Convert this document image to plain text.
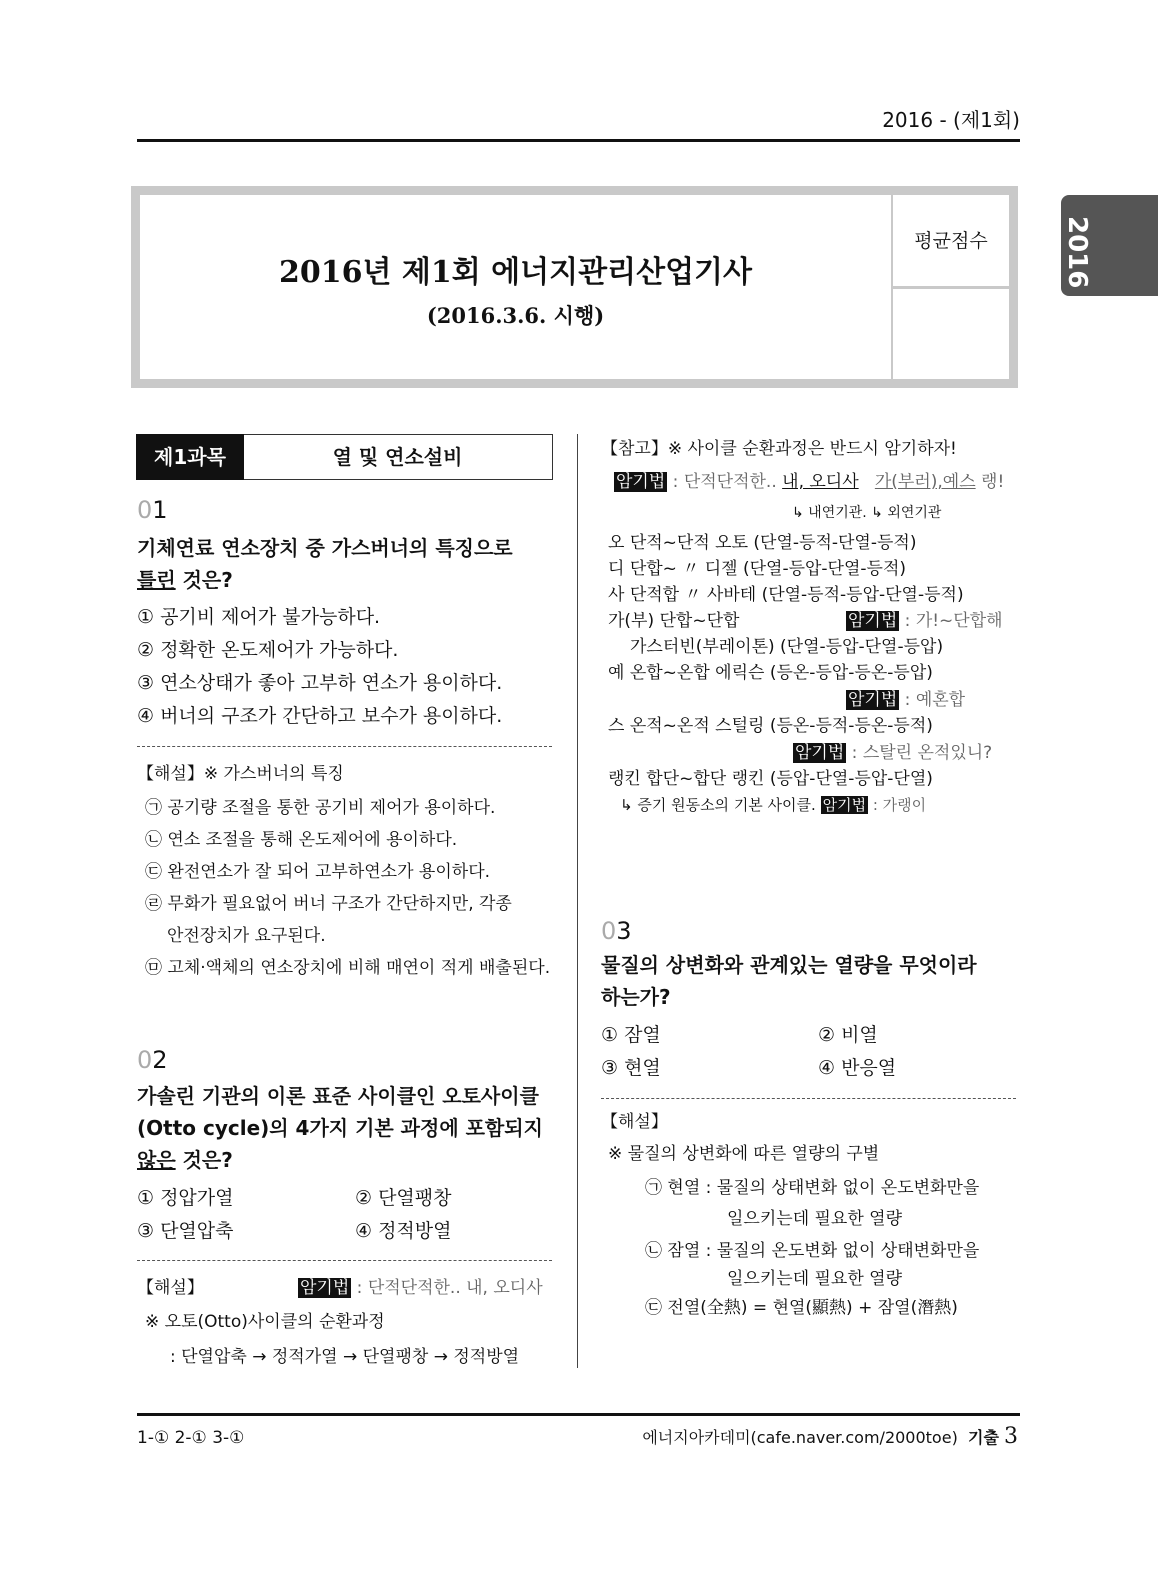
2016 - (제1회)
2016년 제1회 에너지관리산업기사
(2016.3.6. 시행)
평균점수	2016
제1과목	열 및 연소설비
01
기체연료 연소장치 중 가스버너의 특징으로
틀린 것은?
① 공기비 제어가 불가능하다.
② 정확한 온도제어가 가능하다.
③ 연소상태가 좋아 고부하 연소가 용이하다.
④ 버너의 구조가 간단하고 보수가 용이하다.
【해설】※ 가스버너의 특징
㉠ 공기량 조절을 통한 공기비 제어가 용이하다.
㉡ 연소 조절을 통해 온도제어에 용이하다.
㉢ 완전연소가 잘 되어 고부하연소가 용이하다.
㉣ 무화가 필요없어 버너 구조가 간단하지만, 각종
안전장치가 요구된다.
㉤ 고체·액체의 연소장치에 비해 매연이 적게 배출된다.
02
가솔린 기관의 이론 표준 사이클인 오토사이클
(Otto cycle)의 4가지 기본 과정에 포함되지
않은 것은?
① 정압가열	② 단열팽창
③ 단열압축	④ 정적방열
【해설】	암기법 : 단적단적한.. 내, 오디사
※ 오토(Otto)사이클의 순환과정
: 단열압축 → 정적가열 → 단열팽창 → 정적방열
【참고】※ 사이클 순환과정은 반드시 암기하자!
암기법 : 단적단적한.. 내, 오디사 가(부러),예스 랭!
↳ 내연기관. ↳ 외연기관
오 단적~단적 오토 (단열-등적-단열-등적)
디 단합~ 〃 디젤 (단열-등압-단열-등적)
사 단적합 〃 사바테 (단열-등적-등압-단열-등적)
가(부) 단합~단합	암기법 : 가!~단합해
가스터빈(부레이톤) (단열-등압-단열-등압)
예 온합~온합 에릭슨 (등온-등압-등온-등압)
암기법 : 예혼합
스 온적~온적 스털링 (등온-등적-등온-등적)
암기법 : 스탈린 온적있니?
랭킨 합단~합단 랭킨 (등압-단열-등압-단열)
↳ 증기 원동소의 기본 사이클. 암기법 : 가랭이
03
물질의 상변화와 관계있는 열량을 무엇이라
하는가?
① 잠열	② 비열
③ 현열	④ 반응열
【해설】
※ 물질의 상변화에 따른 열량의 구별
㉠ 현열 : 물질의 상태변화 없이 온도변화만을
일으키는데 필요한 열량
㉡ 잠열 : 물질의 온도변화 없이 상태변화만을
일으키는데 필요한 열량
㉢ 전열(全熱) = 현열(顯熱) + 잠열(潛熱)
1-① 2-① 3-①	에너지아카데미(cafe.naver.com/2000toe) 기출 3
